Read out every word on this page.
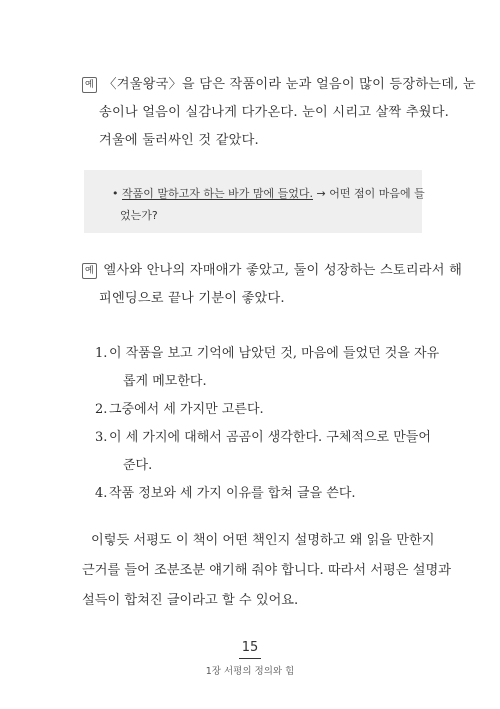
예 〈겨울왕국〉을 담은 작품이라 눈과 얼음이 많이 등장하는데, 눈
송이나 얼음이 실감나게 다가온다. 눈이 시리고 살짝 추웠다.
겨울에 둘러싸인 것 같았다.
• 작품이 말하고자 하는 바가 맘에 들었다. → 어떤 점이 마음에 들
었는가?
예 엘사와 안나의 자매애가 좋았고, 둘이 성장하는 스토리라서 해
피엔딩으로 끝나 기분이 좋았다.
1. 이 작품을 보고 기억에 남았던 것, 마음에 들었던 것을 자유
롭게 메모한다.
2. 그중에서 세 가지만 고른다.
3. 이 세 가지에 대해서 곰곰이 생각한다. 구체적으로 만들어
준다.
4. 작품 정보와 세 가지 이유를 합쳐 글을 쓴다.
이렇듯 서평도 이 책이 어떤 책인지 설명하고 왜 읽을 만한지
근거를 들어 조분조분 얘기해 줘야 합니다. 따라서 서평은 설명과
설득이 합쳐진 글이라고 할 수 있어요.
15
1장 서평의 정의와 힘
